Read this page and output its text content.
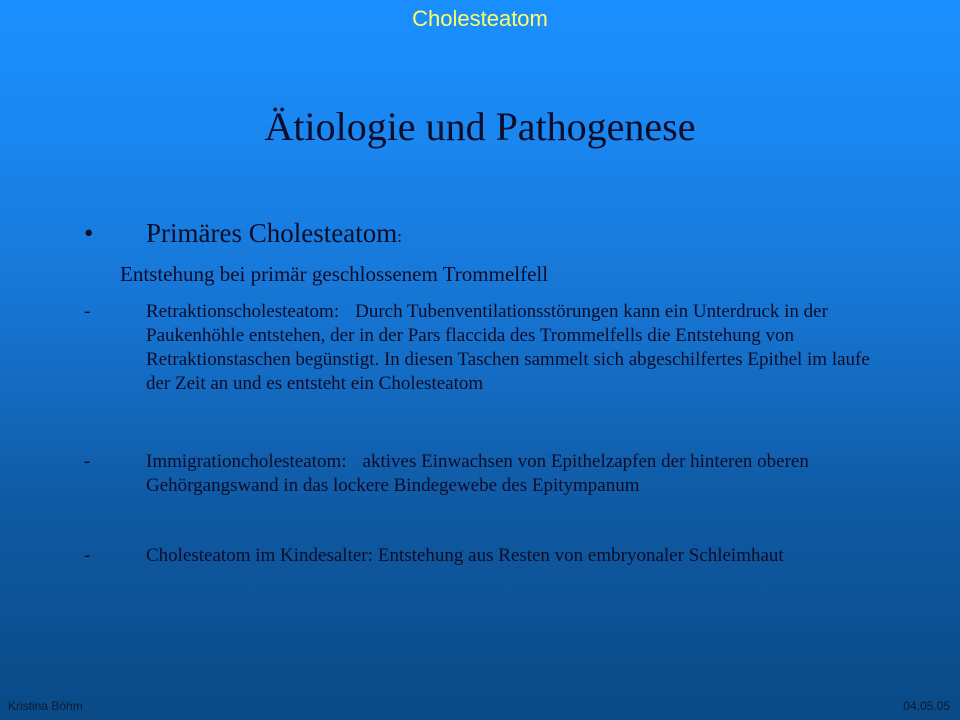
Cholesteatom
Ätiologie und Pathogenese
• Primäres Cholesteatom:
Entstehung bei primär geschlossenem Trommelfell
-	Retraktionscholesteatom: Durch Tubenventilationsstörungen kann ein Unterdruck in der Paukenhöhle entstehen, der in der Pars flaccida des Trommelfells die Entstehung von Retraktionstaschen begünstigt. In diesen Taschen sammelt sich abgeschilfertes Epithel im laufe der Zeit an und es entsteht ein Cholesteatom
-	Immigrationcholesteatom: aktives Einwachsen von Epithelzapfen der hinteren oberen Gehörgangswand in das lockere Bindegewebe des Epitympanum
-	Cholesteatom im Kindesalter: Entstehung aus Resten von embryonaler Schleimhaut
Kristina Böhm	04.05.05
